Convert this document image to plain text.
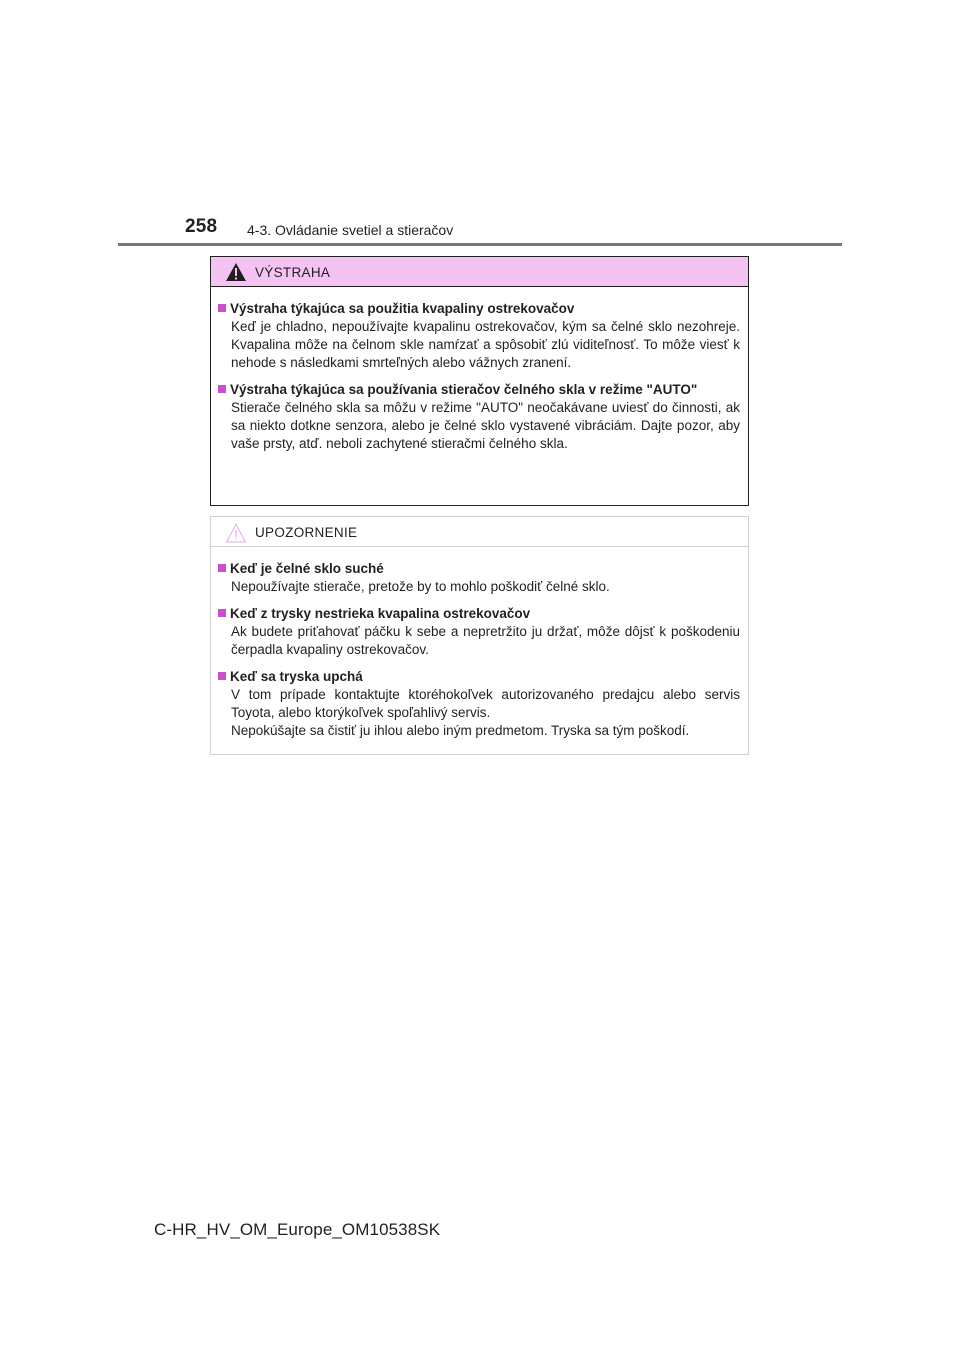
258 4-3. Ovládanie svetiel a stieračov
VÝSTRAHA
Výstraha týkajúca sa použitia kvapaliny ostrekovačov
Keď je chladno, nepoužívajte kvapalinu ostrekovačov, kým sa čelné sklo nezohreje. Kvapalina môže na čelnom skle namŕzať a spôsobiť zlú viditeľnosť. To môže viesť k nehode s následkami smrteľných alebo vážnych zranení.
Výstraha týkajúca sa používania stieračov čelného skla v režime "AUTO"
Stierače čelného skla sa môžu v režime "AUTO" neočakávane uviesť do činnosti, ak sa niekto dotkne senzora, alebo je čelné sklo vystavené vibráciám. Dajte pozor, aby vaše prsty, atď. neboli zachytené stieračmi čelného skla.
UPOZORNENIE
Keď je čelné sklo suché
Nepoužívajte stierače, pretože by to mohlo poškodiť čelné sklo.
Keď z trysky nestrieka kvapalina ostrekovačov
Ak budete priťahovať páčku k sebe a nepretržito ju držať, môže dôjsť k poškodeniu čerpadla kvapaliny ostrekovačov.
Keď sa tryska upchá
V tom prípade kontaktujte ktoréhokoľvek autorizovaného predajcu alebo servis Toyota, alebo ktorýkoľvek spoľahlivý servis.
Nepokúšajte sa čistiť ju ihlou alebo iným predmetom. Tryska sa tým poškodí.
C-HR_HV_OM_Europe_OM10538SK
